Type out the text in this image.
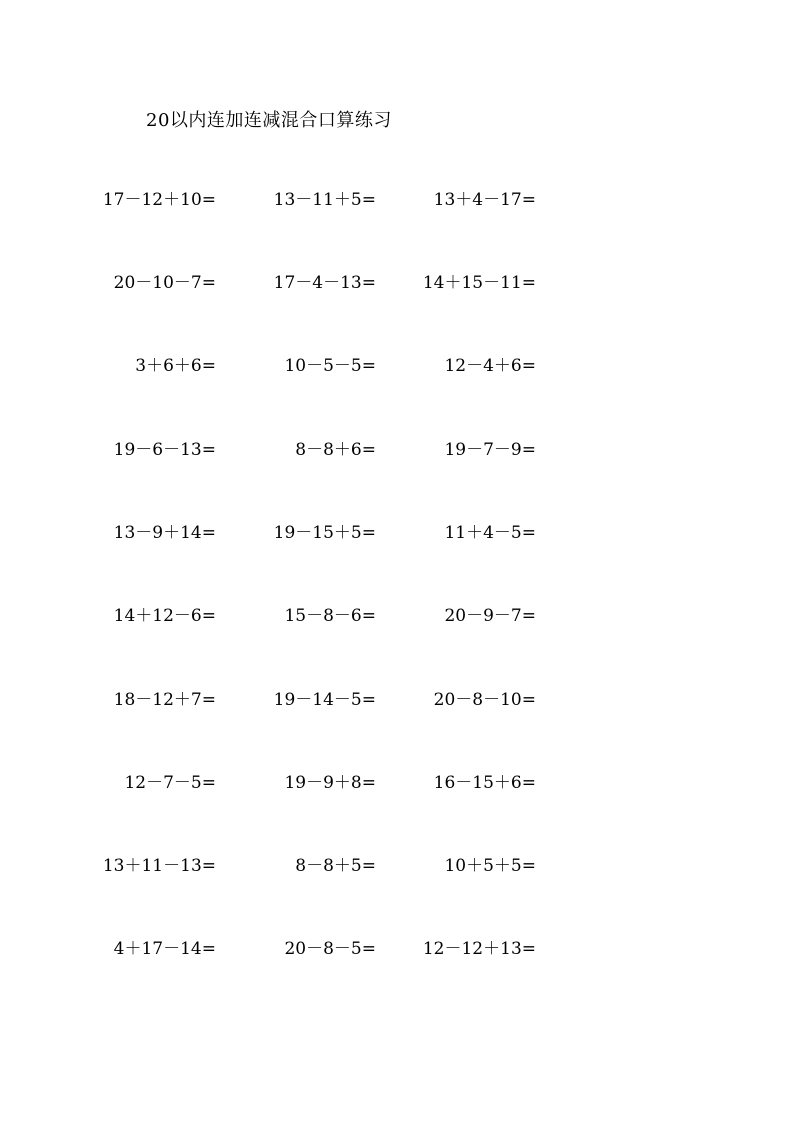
20以内连加连减混合口算练习
17－12＋10=	13－11＋5=	13＋4－17=
20－10－7=	17－4－13=	14＋15－11=
3＋6＋6=	10－5－5=	12－4＋6=
19－6－13=	8－8＋6=	19－7－9=
13－9＋14=	19－15＋5=	11＋4－5=
14＋12－6=	15－8－6=	20－9－7=
18－12＋7=	19－14－5=	20－8－10=
12－7－5=	19－9＋8=	16－15＋6=
13＋11－13=	8－8＋5=	10＋5＋5=
4＋17－14=	20－8－5=	12－12＋13=
